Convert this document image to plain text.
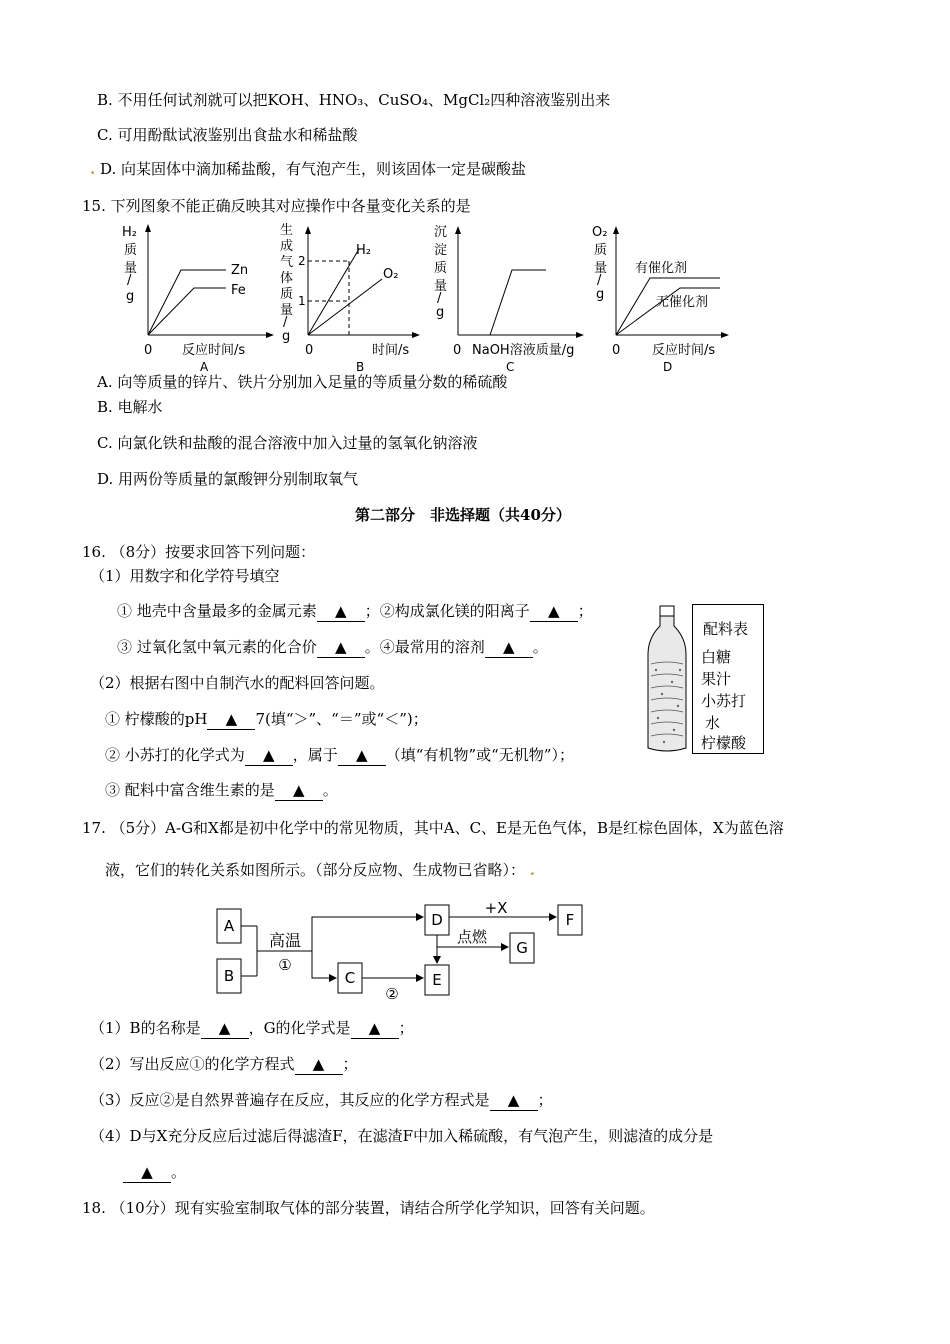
B. 不用任何试剂就可以把KOH、HNO₃、CuSO₄、MgCl₂四种溶液鉴别出来
C. 可用酚酞试液鉴别出食盐水和稀盐酸
. D. 向某固体中滴加稀盐酸，有气泡产生，则该固体一定是碳酸盐
15. 下列图象不能正确反映其对应操作中各量变化关系的是
H₂
质
量
/
g
Zn
Fe
0 反应时间/s
A
生
成
气
体
质
量
/
g
2
1
H₂
O₂
0	时间/s
B
沉
淀
质
量
/
g
0 NaOH溶液质量/g
C
O₂
质
量
/
g
有催化剂
无催化剂
0 反应时间/s
D
A. 向等质量的锌片、铁片分别加入足量的等质量分数的稀硫酸
B. 电解水
C. 向氯化铁和盐酸的混合溶液中加入过量的氢氧化钠溶液
D. 用两份等质量的氯酸钾分别制取氧气
第二部分　非选择题（共40分）
16. （8分）按要求回答下列问题：
（1）用数字和化学符号填空
① 地壳中含量最多的金属元素 ▲ ；②构成氯化镁的阳离子 ▲ ；
③ 过氧化氢中氧元素的化合价 ▲ 。④最常用的溶剂 ▲ 。
（2）根据右图中自制汽水的配料回答问题。
① 柠檬酸的pH ▲ 7(填“＞”、“＝”或“＜”)；
② 小苏打的化学式为 ▲ ，属于 ▲ （填“有机物”或“无机物”）；
③ 配料中富含维生素的是 ▲ 。
配料表
白糖
果汁
小苏打
水
柠檬酸
17. （5分）A-G和X都是初中化学中的常见物质，其中A、C、E是无色气体，B是红棕色固体，X为蓝色溶
液，它们的转化关系如图所示。（部分反应物、生成物已省略）： .
A
B	C
D
E
F
G
高温
①
②
+X
点燃
（1）B的名称是 ▲ ，G的化学式是 ▲ ；
（2）写出反应①的化学方程式 ▲ ；
（3）反应②是自然界普遍存在反应，其反应的化学方程式是 ▲ ；
（4）D与X充分反应后过滤后得滤渣F，在滤渣F中加入稀硫酸，有气泡产生，则滤渣的成分是
▲ 。
18. （10分）现有实验室制取气体的部分装置，请结合所学化学知识，回答有关问题。
